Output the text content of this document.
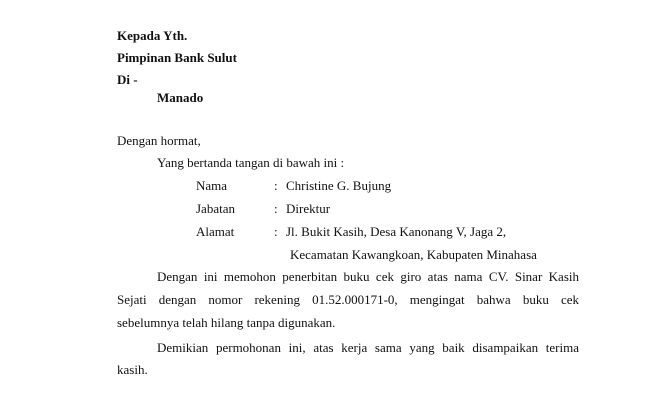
Kepada Yth.
Pimpinan Bank Sulut
Di -
Manado
Dengan hormat,
Yang bertanda tangan di bawah ini :
Nama	: Christine G. Bujung
Jabatan	: Direktur
Alamat	: Jl. Bukit Kasih, Desa Kanonang V, Jaga 2,
Kecamatan Kawangkoan, Kabupaten Minahasa
Dengan ini memohon penerbitan buku cek giro atas nama CV. Sinar Kasih
Sejati dengan nomor rekening 01.52.000171-0, mengingat bahwa buku cek
sebelumnya telah hilang tanpa digunakan.
Demikian permohonan ini, atas kerja sama yang baik disampaikan terima
kasih.
